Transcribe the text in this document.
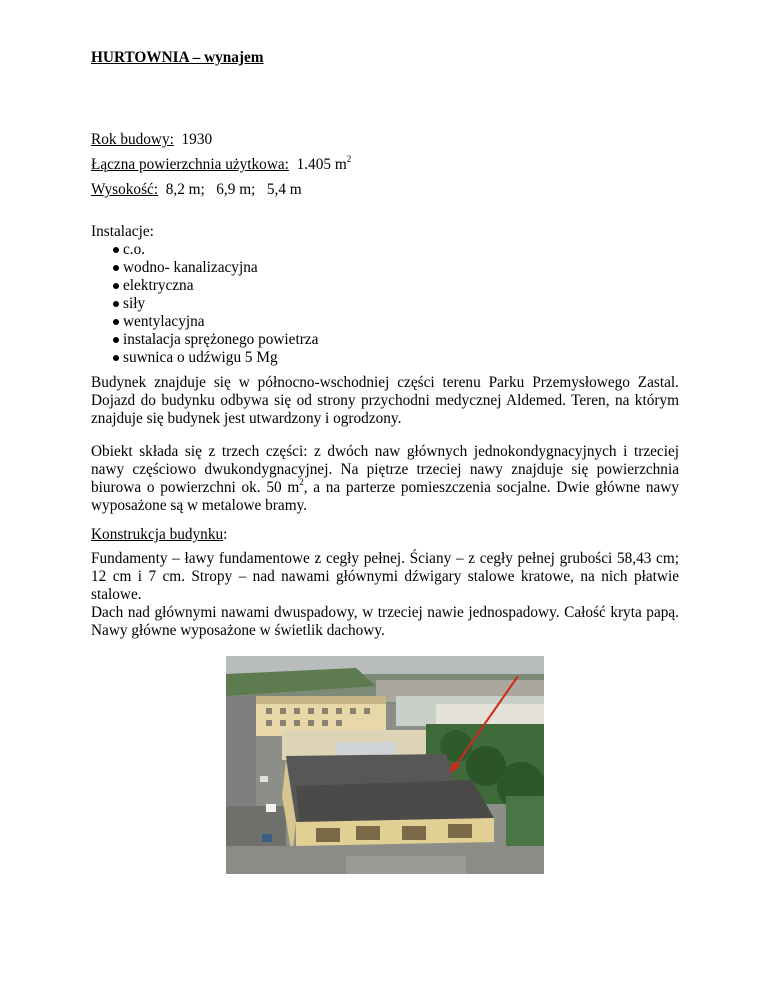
HURTOWNIA – wynajem
Rok budowy: 1930
Łączna powierzchnia użytkowa: 1.405 $m^2$
Wysokość: 8,2 m;   6,9 m;   5,4 m
Instalacje:
c.o.
wodno- kanalizacyjna
elektryczna
siły
wentylacyjna
instalacja sprężonego powietrza
suwnica o udźwigu 5 Mg

Budynek znajduje się w północno-wschodniej części terenu Parku Przemysłowego Zastal. Dojazd do budynku odbywa się od strony przychodni medycznej Aldemed. Teren, na którym znajduje się budynek jest utwardzony i ogrodzony.

Obiekt składa się z trzech części: z dwóch naw głównych jednokondygnacyjnych i trzeciej nawy częściowo dwukondygnacyjnej. Na piętrze trzeciej nawy znajduje się powierzchnia biurowa o powierzchni ok. 50 $m^2$, a na parterze pomieszczenia socjalne. Dwie główne nawy wyposażone są w metalowe bramy.

Konstrukcja budynku:

Fundamenty – ławy fundamentowe z cegły pełnej. Ściany – z cegły pełnej grubości 58,43 cm; 12 cm i 7 cm. Stropy – nad nawami głównymi dźwigary stalowe kratowe, na nich płatwie stalowe.

Dach nad głównymi nawami dwuspadowy, w trzeciej nawie jednospadowy. Całość kryta papą. Nawy główne wyposażone w świetlik dachowy.
